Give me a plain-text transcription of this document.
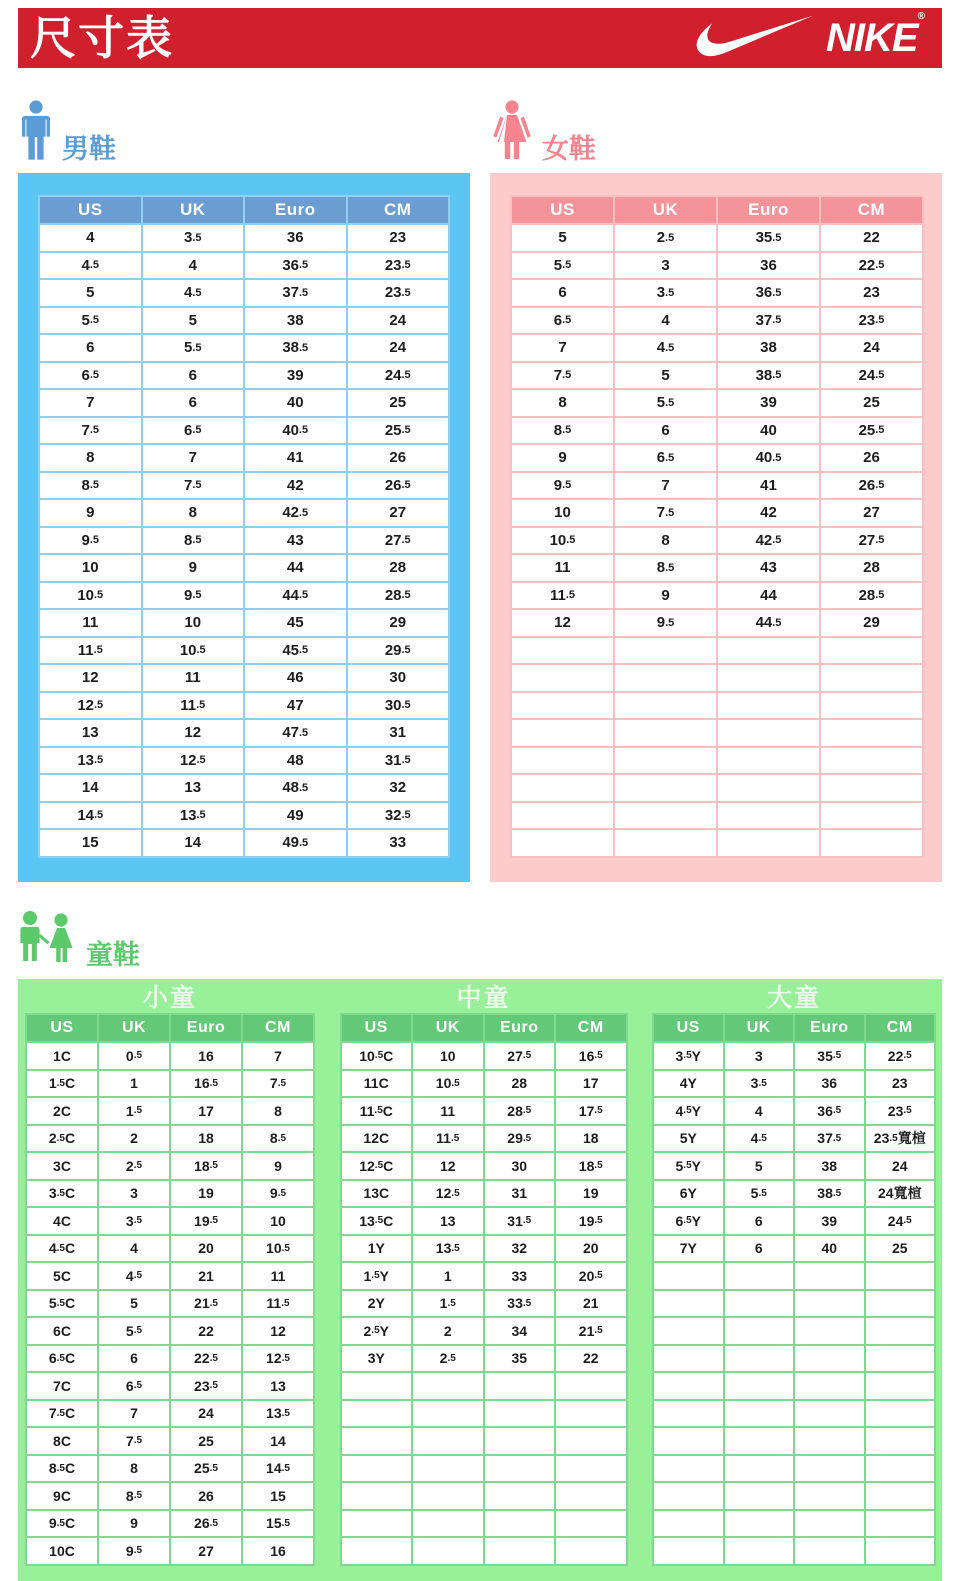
尺寸表	NIKE®
男鞋
US	UK	Euro	CM
4	3 .5	36	23
4 .5	4	36 .5	23 .5
5	4 .5	37 .5	23 .5
5 .5	5	38	24
6	5 .5	38 .5	24
6 .5	6	39	24 .5
7	6	40	25
7 .5	6 .5	40 .5	25 .5
8	7	41	26
8 .5	7 .5	42	26 .5
9	8	42 .5	27
9 .5	8 .5	43	27 .5
10	9	44	28
10 .5	9 .5	44 .5	28 .5
11	10	45	29
11 .5	10 .5	45 .5	29 .5
12	11	46	30
12 .5	11 .5	47	30 .5
13	12	47 .5	31
13 .5	12 .5	48	31 .5
14	13	48 .5	32
14 .5	13 .5	49	32 .5
15	14	49 .5	33
女鞋
US	UK	Euro	CM
5	2 .5	35 .5	22
5 .5	3	36	22 .5
6	3 .5	36 .5	23
6 .5	4	37 .5	23 .5
7	4 .5	38	24
7 .5	5	38 .5	24 .5
8	5 .5	39	25
8 .5	6	40	25 .5
9	6 .5	40 .5	26
9 .5	7	41	26 .5
10	7 .5	42	27
10 .5	8	42 .5	27 .5
11	8 .5	43	28
11 .5	9	44	28 .5
12	9 .5	44 .5	29
童鞋
小童
US	UK	Euro	CM
1C	0 .5	16	7
1 .5 C	1	16 .5	7 .5
2C	1 .5	17	8
2 .5 C	2	18	8 .5
3C	2 .5	18 .5	9
3 .5 C	3	19	9 .5
4C	3 .5	19 .5	10
4 .5 C	4	20	10 .5
5C	4 .5	21	11
5 .5 C	5	21 .5	11 .5
6C	5 .5	22	12
6 .5 C	6	22 .5	12 .5
7C	6 .5	23 .5	13
7 .5 C	7	24	13 .5
8C	7 .5	25	14
8 .5 C	8	25 .5	14 .5
9C	8 .5	26	15
9 .5 C	9	26 .5	15 .5
10C	9 .5	27	16
中童
US	UK	Euro	CM
10 .5 C	10	27 .5	16 .5
11C	10 .5	28	17
11 .5 C	11	28 .5	17 .5
12C	11 .5	29 .5	18
12 .5 C	12	30	18 .5
13C	12 .5	31	19
13 .5 C	13	31 .5	19 .5
1Y	13 .5	32	20
1 .5 Y	1	33	20 .5
2Y	1 .5	33 .5	21
2 .5 Y	2	34	21 .5
3Y	2 .5	35	22
大童
US	UK	Euro	CM
3 .5 Y	3	35 .5	22 .5
4Y	3 .5	36	23
4 .5 Y	4	36 .5	23 .5
5Y	4 .5	37 .5	23 .5 寬楦
5 .5 Y	5	38	24
6Y	5 .5	38 .5	24寬楦
6 .5 Y	6	39	24 .5
7Y	6	40	25
